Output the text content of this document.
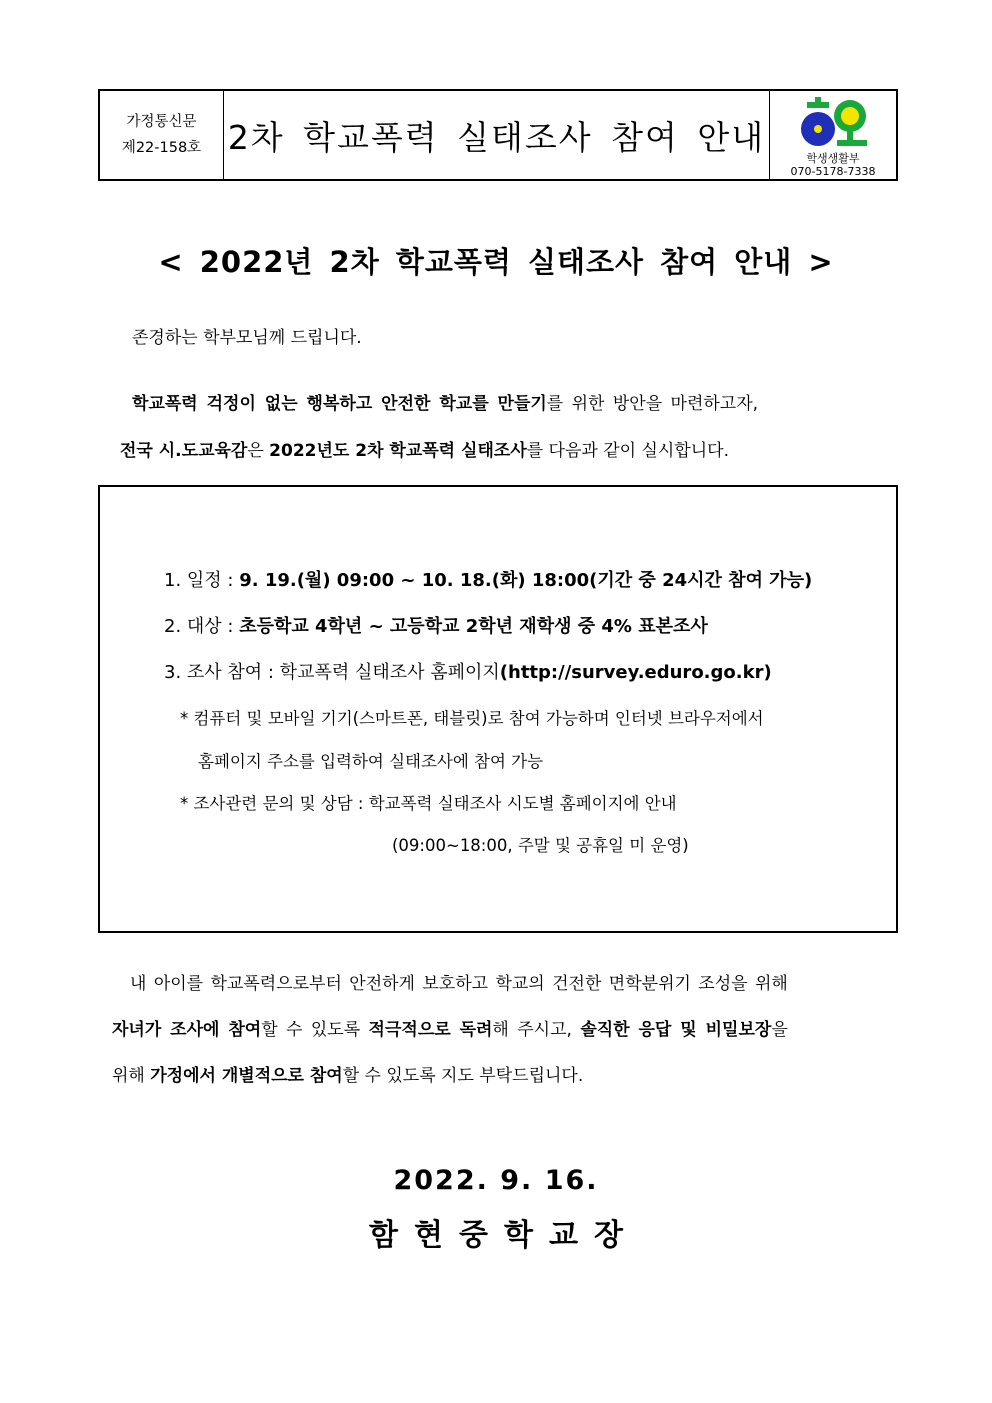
가정통신문
제22-158호 2차 학교폭력 실태조사 참여 안내
학생생활부
070-5178-7338
< 2022년 2차 학교폭력 실태조사 참여 안내 >
존경하는 학부모님께 드립니다.
학교폭력 걱정이 없는 행복하고 안전한 학교를 만들기를 위한 방안을 마련하고자,
전국 시.도교육감은 2022년도 2차 학교폭력 실태조사를 다음과 같이 실시합니다.
1. 일정 : 9. 19.(월) 09:00 ~ 10. 18.(화) 18:00(기간 중 24시간 참여 가능)
2. 대상 : 초등학교 4학년 ~ 고등학교 2학년 재학생 중 4% 표본조사
3. 조사 참여 : 학교폭력 실태조사 홈페이지(http://survey.eduro.go.kr)
* 컴퓨터 및 모바일 기기(스마트폰, 태블릿)로 참여 가능하며 인터넷 브라우저에서
홈페이지 주소를 입력하여 실태조사에 참여 가능
* 조사관련 문의 및 상담 : 학교폭력 실태조사 시도별 홈페이지에 안내
(09:00~18:00, 주말 및 공휴일 미 운영)
내 아이를 학교폭력으로부터 안전하게 보호하고 학교의 건전한 면학분위기 조성을 위해
자녀가 조사에 참여할 수 있도록 적극적으로 독려해 주시고, 솔직한 응답 및 비밀보장을
위해 가정에서 개별적으로 참여할 수 있도록 지도 부탁드립니다.
2022. 9. 16.
함현중학교장
